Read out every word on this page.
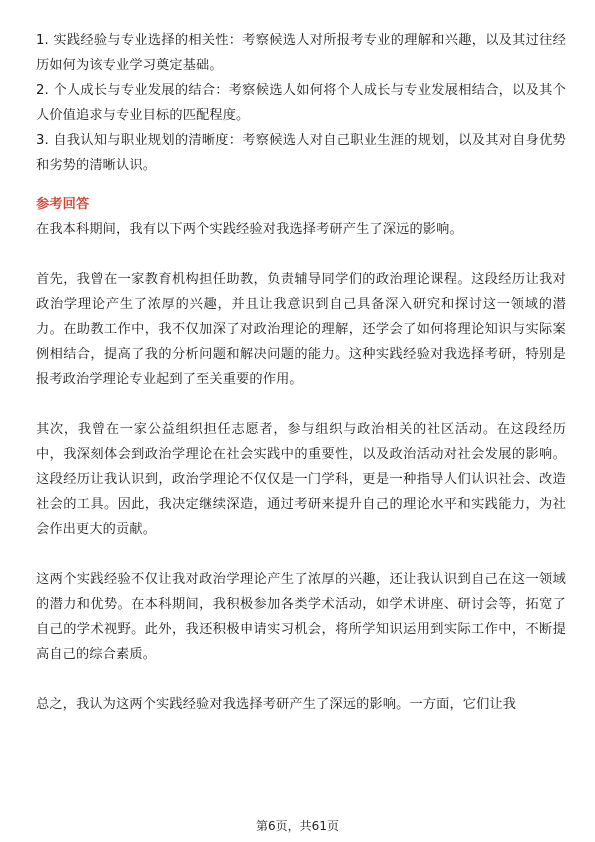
1. 实践经验与专业选择的相关性：考察候选人对所报考专业的理解和兴趣，以及其过往经历如何为该专业学习奠定基础。

2. 个人成长与专业发展的结合：考察候选人如何将个人成长与专业发展相结合，以及其个人价值追求与专业目标的匹配程度。

3. 自我认知与职业规划的清晰度：考察候选人对自己职业生涯的规划，以及其对自身优势和劣势的清晰认识。

参考回答

在我本科期间，我有以下两个实践经验对我选择考研产生了深远的影响。

首先，我曾在一家教育机构担任助教，负责辅导同学们的政治理论课程。这段经历让我对政治学理论产生了浓厚的兴趣，并且让我意识到自己具备深入研究和探讨这一领域的潜力。在助教工作中，我不仅加深了对政治理论的理解，还学会了如何将理论知识与实际案例相结合，提高了我的分析问题和解决问题的能力。这种实践经验对我选择考研，特别是报考政治学理论专业起到了至关重要的作用。

其次，我曾在一家公益组织担任志愿者，参与组织与政治相关的社区活动。在这段经历中，我深刻体会到政治学理论在社会实践中的重要性，以及政治活动对社会发展的影响。这段经历让我认识到，政治学理论不仅仅是一门学科，更是一种指导人们认识社会、改造社会的工具。因此，我决定继续深造，通过考研来提升自己的理论水平和实践能力，为社会作出更大的贡献。

这两个实践经验不仅让我对政治学理论产生了浓厚的兴趣，还让我认识到自己在这一领域的潜力和优势。在本科期间，我积极参加各类学术活动，如学术讲座、研讨会等，拓宽了自己的学术视野。此外，我还积极申请实习机会，将所学知识运用到实际工作中，不断提高自己的综合素质。

总之，我认为这两个实践经验对我选择考研产生了深远的影响。一方面，它们让我

第6页，共61页
